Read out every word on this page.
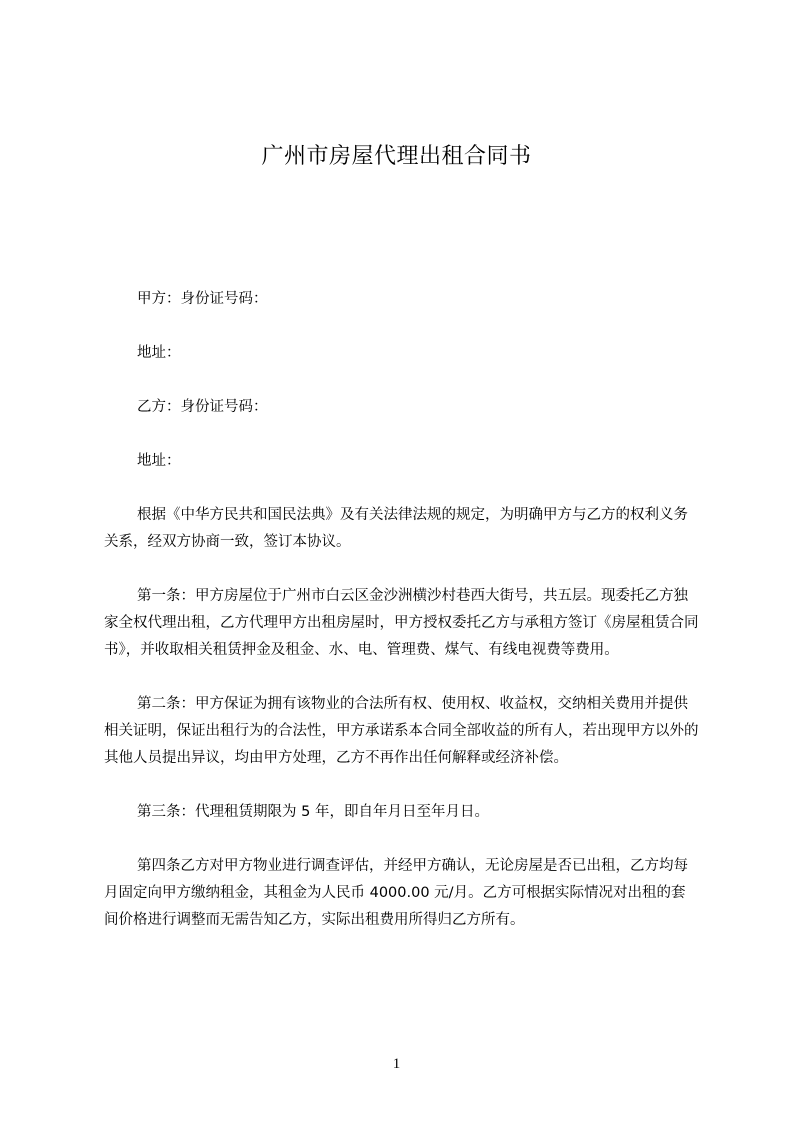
广州市房屋代理出租合同书

甲方：身份证号码：

地址：

乙方：身份证号码：

地址：

根据《中华方民共和国民法典》及有关法律法规的规定，为明确甲方与乙方的权利义务关系，经双方协商一致，签订本协议。

第一条：甲方房屋位于广州市白云区金沙洲横沙村巷西大街号，共五层。现委托乙方独家全权代理出租，乙方代理甲方出租房屋时，甲方授权委托乙方与承租方签订《房屋租赁合同书》，并收取相关租赁押金及租金、水、电、管理费、煤气、有线电视费等费用。

第二条：甲方保证为拥有该物业的合法所有权、使用权、收益权，交纳相关费用并提供相关证明，保证出租行为的合法性，甲方承诺系本合同全部收益的所有人，若出现甲方以外的其他人员提出异议，均由甲方处理，乙方不再作出任何解释或经济补偿。

第三条：代理租赁期限为 5 年，即自年月日至年月日。

第四条乙方对甲方物业进行调查评估，并经甲方确认，无论房屋是否已出租，乙方均每月固定向甲方缴纳租金，其租金为人民币 4000.00 元/月。乙方可根据实际情况对出租的套间价格进行调整而无需告知乙方，实际出租费用所得归乙方所有。

1
